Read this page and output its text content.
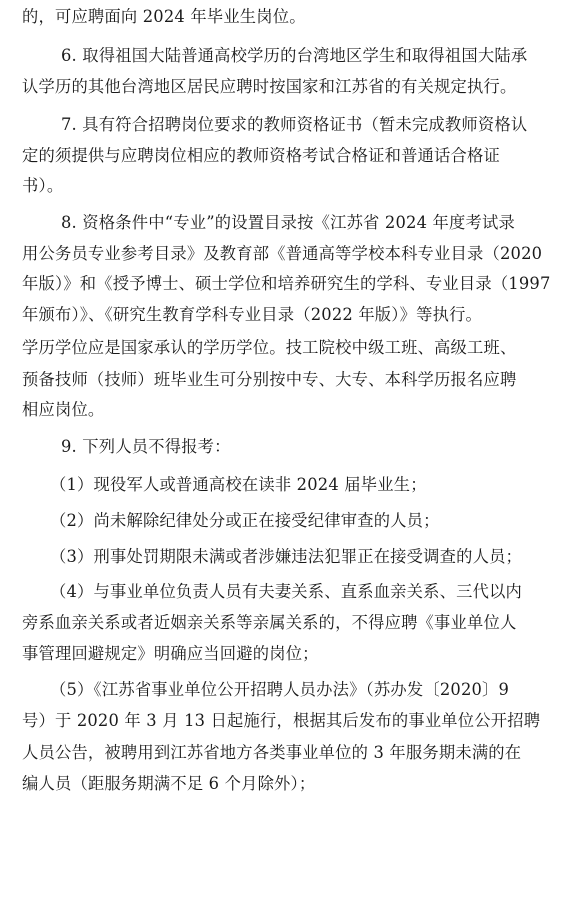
的，可应聘面向 2024 年毕业生岗位。
6. 取得祖国大陆普通高校学历的台湾地区学生和取得祖国大陆承
认学历的其他台湾地区居民应聘时按国家和江苏省的有关规定执行。
7. 具有符合招聘岗位要求的教师资格证书（暂未完成教师资格认
定的须提供与应聘岗位相应的教师资格考试合格证和普通话合格证
书）。
8. 资格条件中“专业”的设置目录按《江苏省 2024 年度考试录
用公务员专业参考目录》及教育部《普通高等学校本科专业目录（2020
年版）》和《授予博士、硕士学位和培养研究生的学科、专业目录（1997
年颁布）》、《研究生教育学科专业目录（2022 年版）》等执行。
学历学位应是国家承认的学历学位。技工院校中级工班、高级工班、
预备技师（技师）班毕业生可分别按中专、大专、本科学历报名应聘
相应岗位。
9. 下列人员不得报考：
（1）现役军人或普通高校在读非 2024 届毕业生；
（2）尚未解除纪律处分或正在接受纪律审查的人员；
（3）刑事处罚期限未满或者涉嫌违法犯罪正在接受调查的人员；
（4）与事业单位负责人员有夫妻关系、直系血亲关系、三代以内
旁系血亲关系或者近姻亲关系等亲属关系的，不得应聘《事业单位人
事管理回避规定》明确应当回避的岗位；
（5）《江苏省事业单位公开招聘人员办法》（苏办发〔2020〕9
号）于 2020 年 3 月 13 日起施行，根据其后发布的事业单位公开招聘
人员公告，被聘用到江苏省地方各类事业单位的 3 年服务期未满的在
编人员（距服务期满不足 6 个月除外）；
